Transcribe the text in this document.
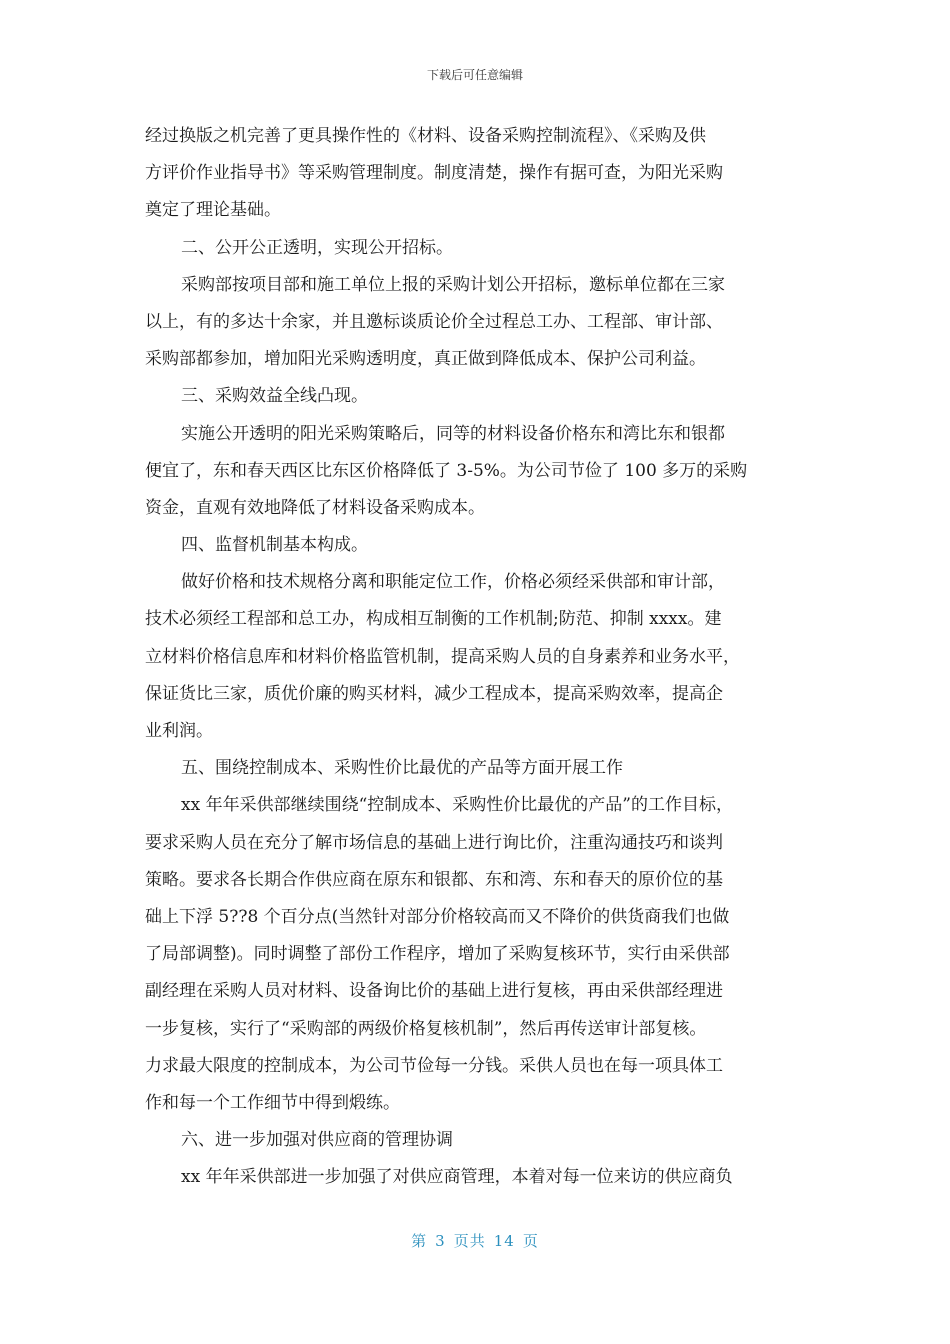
下载后可任意编辑
经过换版之机完善了更具操作性的《材料、设备采购控制流程》、《采购及供
方评价作业指导书》等采购管理制度。制度清楚，操作有据可查，为阳光采购
奠定了理论基础。
二、公开公正透明，实现公开招标。
采购部按项目部和施工单位上报的采购计划公开招标，邀标单位都在三家
以上，有的多达十余家，并且邀标谈质论价全过程总工办、工程部、审计部、
采购部都参加，增加阳光采购透明度，真正做到降低成本、保护公司利益。
三、采购效益全线凸现。
实施公开透明的阳光采购策略后，同等的材料设备价格东和湾比东和银都
便宜了，东和春天西区比东区价格降低了 3-5%。为公司节俭了 100 多万的采购
资金，直观有效地降低了材料设备采购成本。
四、监督机制基本构成。
做好价格和技术规格分离和职能定位工作，价格必须经采供部和审计部，
技术必须经工程部和总工办，构成相互制衡的工作机制;防范、抑制 xxxx。建
立材料价格信息库和材料价格监管机制，提高采购人员的自身素养和业务水平，
保证货比三家，质优价廉的购买材料，减少工程成本，提高采购效率，提高企
业利润。
五、围绕控制成本、采购性价比最优的产品等方面开展工作
xx 年年采供部继续围绕“控制成本、采购性价比最优的产品”的工作目标，
要求采购人员在充分了解市场信息的基础上进行询比价，注重沟通技巧和谈判
策略。要求各长期合作供应商在原东和银都、东和湾、东和春天的原价位的基
础上下浮 5??8 个百分点(当然针对部分价格较高而又不降价的供货商我们也做
了局部调整)。同时调整了部份工作程序，增加了采购复核环节，实行由采供部
副经理在采购人员对材料、设备询比价的基础上进行复核，再由采供部经理进
一步复核，实行了“采购部的两级价格复核机制”，然后再传送审计部复核。
力求最大限度的控制成本，为公司节俭每一分钱。采供人员也在每一项具体工
作和每一个工作细节中得到煅练。
六、进一步加强对供应商的管理协调
xx 年年采供部进一步加强了对供应商管理，本着对每一位来访的供应商负
第 3 页共 14 页
